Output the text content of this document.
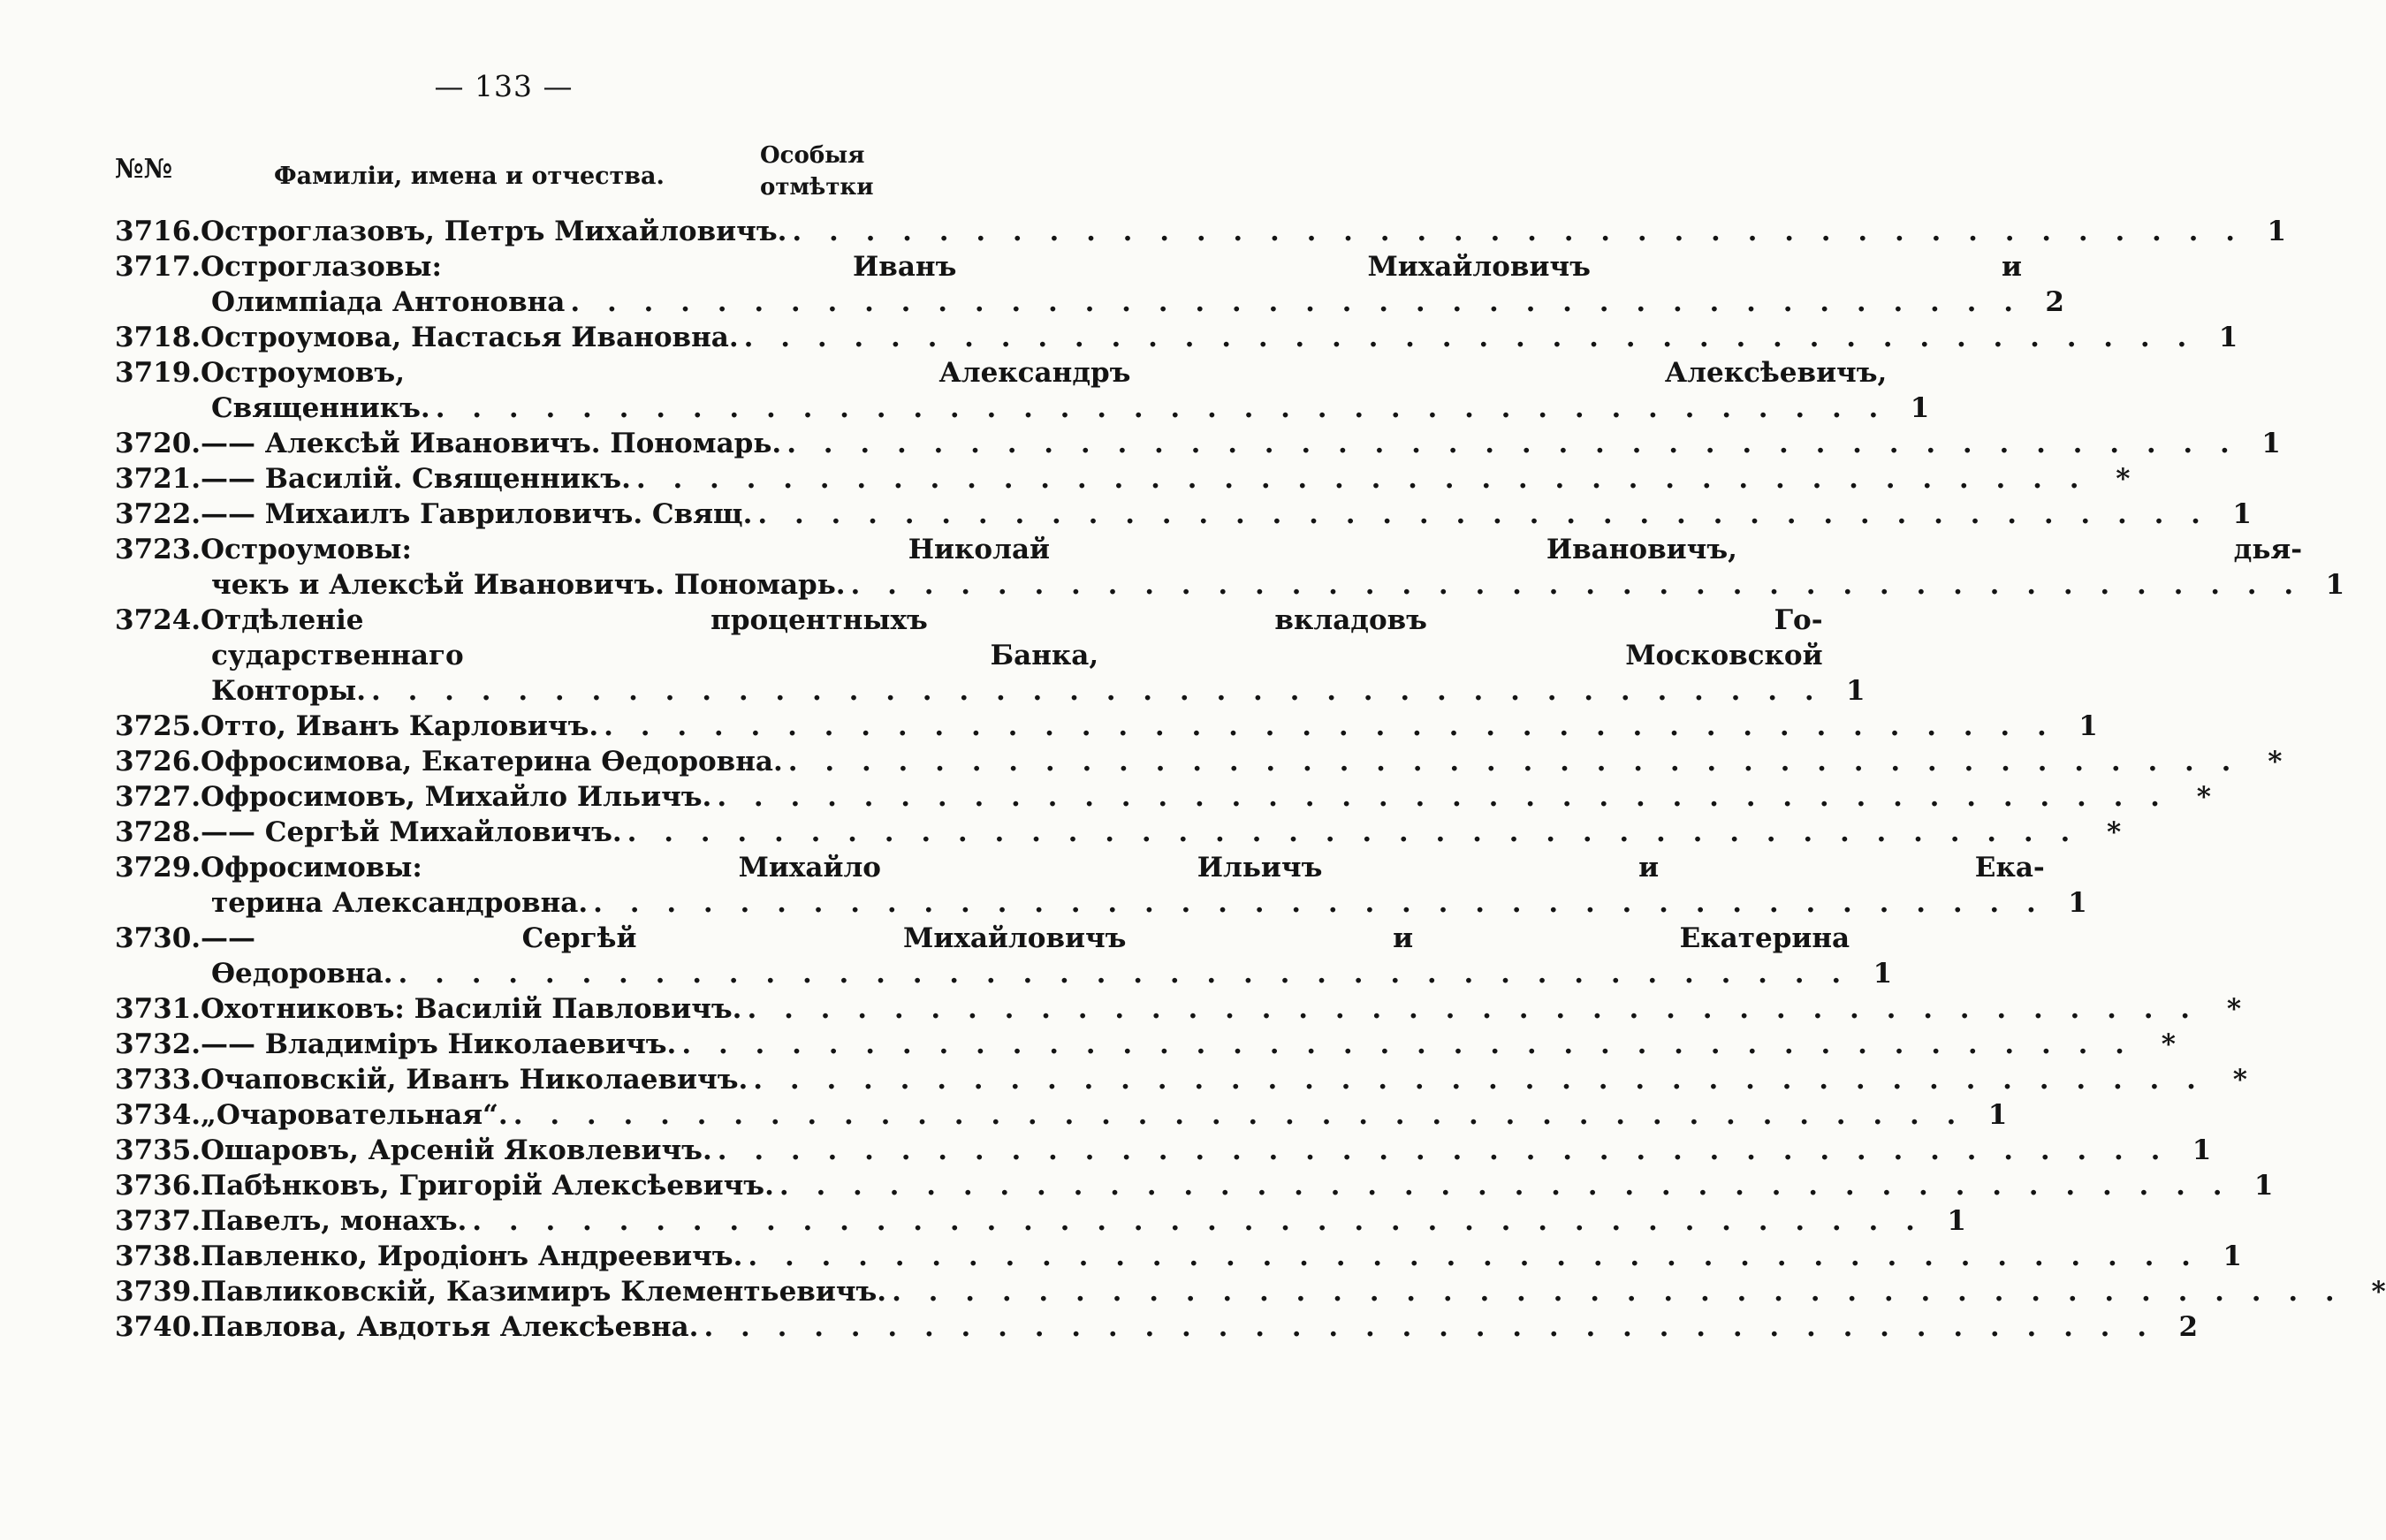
— 133 —
№№	Фамиліи, имена и отчества.
Особыя
отмѣтки
3716. Остроглазовъ, Петръ Михайловичъ. . . .	1
3717. Остроглазовы: Иванъ Михайловичъ и
Олимпіада Антоновна . . .	2
3718. Остроумова, Настасья Ивановна. . . .	1
3719. Остроумовъ, Александръ Алексѣевичъ,
Священникъ. . . .	1
3720. —— Алексѣй Ивановичъ. Пономарь. . . .	1
3721. —— Василій. Священникъ. . . .	*
3722. —— Михаилъ Гавриловичъ. Свящ. . . .	1
3723. Остроумовы: Николай Ивановичъ, дья-
чекъ и Алексѣй Ивановичъ. Пономарь. . . .	1
3724. Отдѣленіе процентныхъ вкладовъ Го-
сударственнаго Банка, Московской
Конторы. . . .	1
3725. Отто, Иванъ Карловичъ. . . .	1
3726. Офросимова, Екатерина Ѳедоровна. . . .	*
3727. Офросимовъ, Михайло Ильичъ. . . .	*
3728. —— Сергѣй Михайловичъ. . . .	*
3729. Офросимовы: Михайло Ильичъ и Ека-
терина Александровна. . . .	1
3730. —— Сергѣй Михайловичъ и Екатерина
Ѳедоровна. . . .	1
3731. Охотниковъ: Василій Павловичъ. . . .	*
3732. —— Владиміръ Николаевичъ. . . .	*
3733. Очаповскій, Иванъ Николаевичъ. . . .	*
3734. „Очаровательная“. . . .	1
3735. Ошаровъ, Арсеній Яковлевичъ. . . .	1
3736. Пабѣнковъ, Григорій Алексѣевичъ. . . .	1
3737. Павелъ, монахъ. . . .	1
3738. Павленко, Иродіонъ Андреевичъ. . . .	1
3739. Павликовскій, Казимиръ Клементьевичъ. . . .	*
3740. Павлова, Авдотья Алексѣевна. . . .	2
